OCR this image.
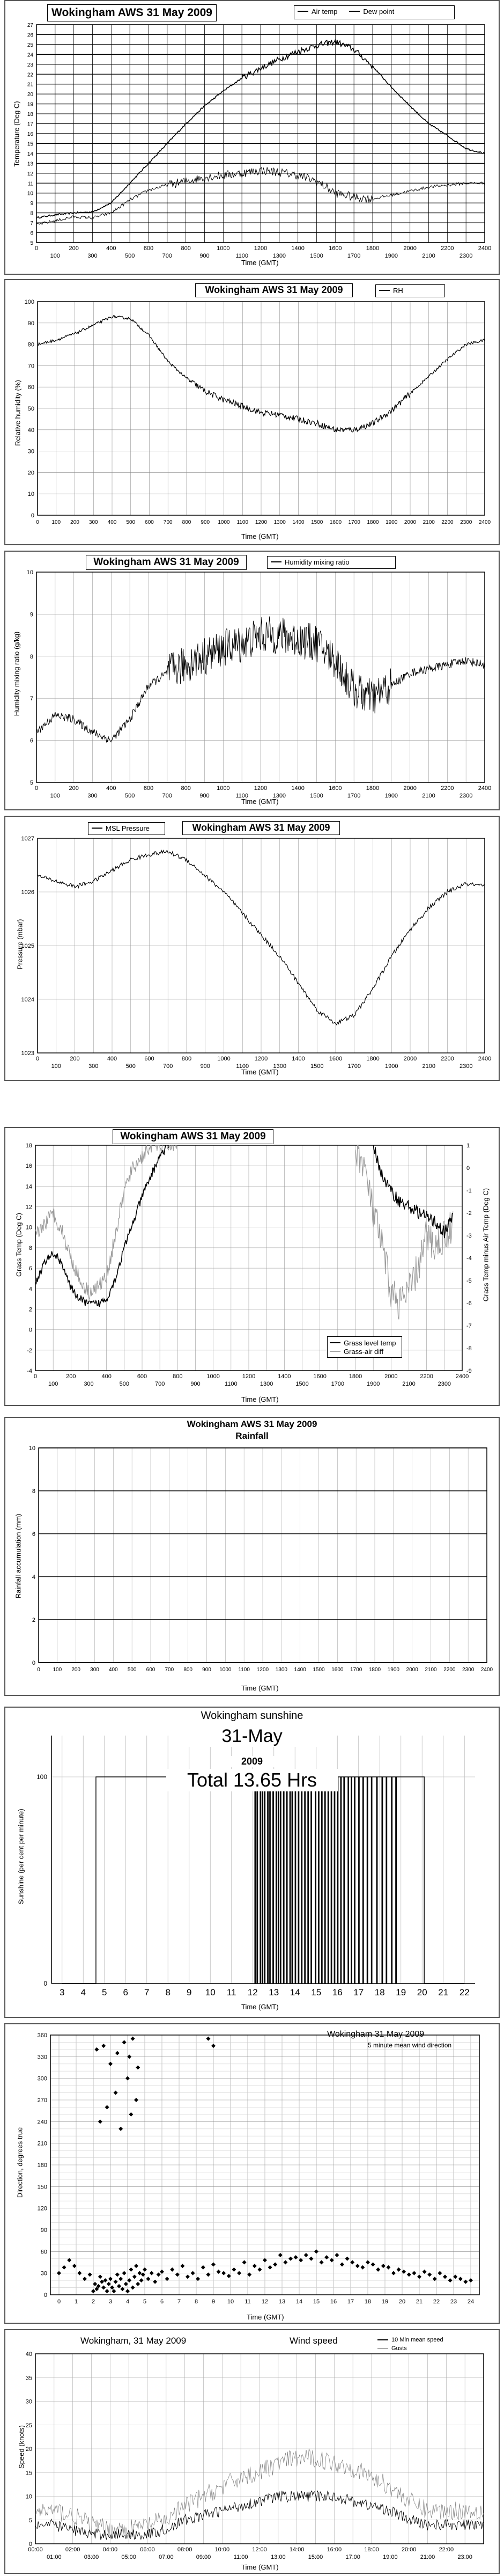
5
6
7
8
9
10
11
12
13
14
15
16
17
18
19
20
21
22
23
24
25
26
27
0	200	400	600	800	1000	1200	1400	1600	1800	2000	2200	2400
100	300	500	700	900	1100	1300	1500	1700	1900	2100	2300
Wokingham AWS 31 May 2009	Air temp	Dew point
Temperature (Deg C)
Time (GMT)
0
10
20
30
40
50
60
70
80
90
100
0 100 200 300 400 500 600 700 800 900 1000 1100 1200 1300 1400 1500 1600 1700 1800 1900 2000 2100 2200 2300 2400
Wokingham AWS 31 May 2009	RH
Relative humidity (%)
Time (GMT)
5
6
7
8
9
10
0	200	400	600	800	1000	1200	1400	1600	1800	2000	2200	2400
100	300	500	700	900	1100	1300	1500	1700	1900	2100	2300
Wokingham AWS 31 May 2009	Humidity mixing ratio
Humidity mixing ratio (g/kg)
Time (GMT)
1023
1024
1025
1026
1027
0	200	400	600	800	1000	1200	1400	1600	1800	2000	2200	2400
100	300	500	700	900	1100	1300	1500	1700	1900	2100	2300
MSL Pressure	Wokingham AWS 31 May 2009
Pressure (mbar)
Time (GMT)
-4
-2
0
2
4
6
8
10
12
14
16
18
-9
-8
-7
-6
-5
-4
-3
-2
-1
0
1
0	200	400	600	800	1000	1200	1400	1600	1800	2000	2200	2400
100	300	500	700	900	1100	1300	1500	1700	1900	2100	2300
Wokingham AWS 31 May 2009
Grass level temp
Grass-air diff
Grass Temp (Deg C)	Grass Temp minus Air Temp (Deg C)
Time (GMT)
0
2
4
6
8
10
0 100 200 300 400 500 600 700 800 900 1000 1100 1200 1300 1400 1500 1600 1700 1800 1900 2000 2100 2200 2300 2400
Wokingham AWS 31 May 2009
Rainfall
Rainfall accumulation (mm)
Time (GMT)
0
100
3 4 5 6 7 8 9 10 11 12 13 14 15 16 17 18 19 20 21 22
Wokingham sunshine
31-May
2009
Total 13.65 Hrs
Sunshine (per cent per minute)
Time (GMT)
0
30
60
90
120
150
180
210
240
270
300
330
360
0 1 2 3 4 5 6 7 8 9 10 11 12 13 14 15 16 17 18 19 20 21 22 23 24
Wokingham 31 May 2009
5 minute mean wind direction
Direction, degrees true
Time (GMT)
0
5
10
15
20
25
30
35
40
00:00	02:00	04:00	06:00	08:00	10:00	12:00	14:00	16:00	18:00	20:00	22:00
01:00	03:00	05:00	07:00	09:00	11:00	13:00	15:00	17:00	19:00	21:00	23:00
Wokingham, 31 May 2009	Wind speed	10 Min mean speed
Gusts
Speed (knots)
Time (GMT)
